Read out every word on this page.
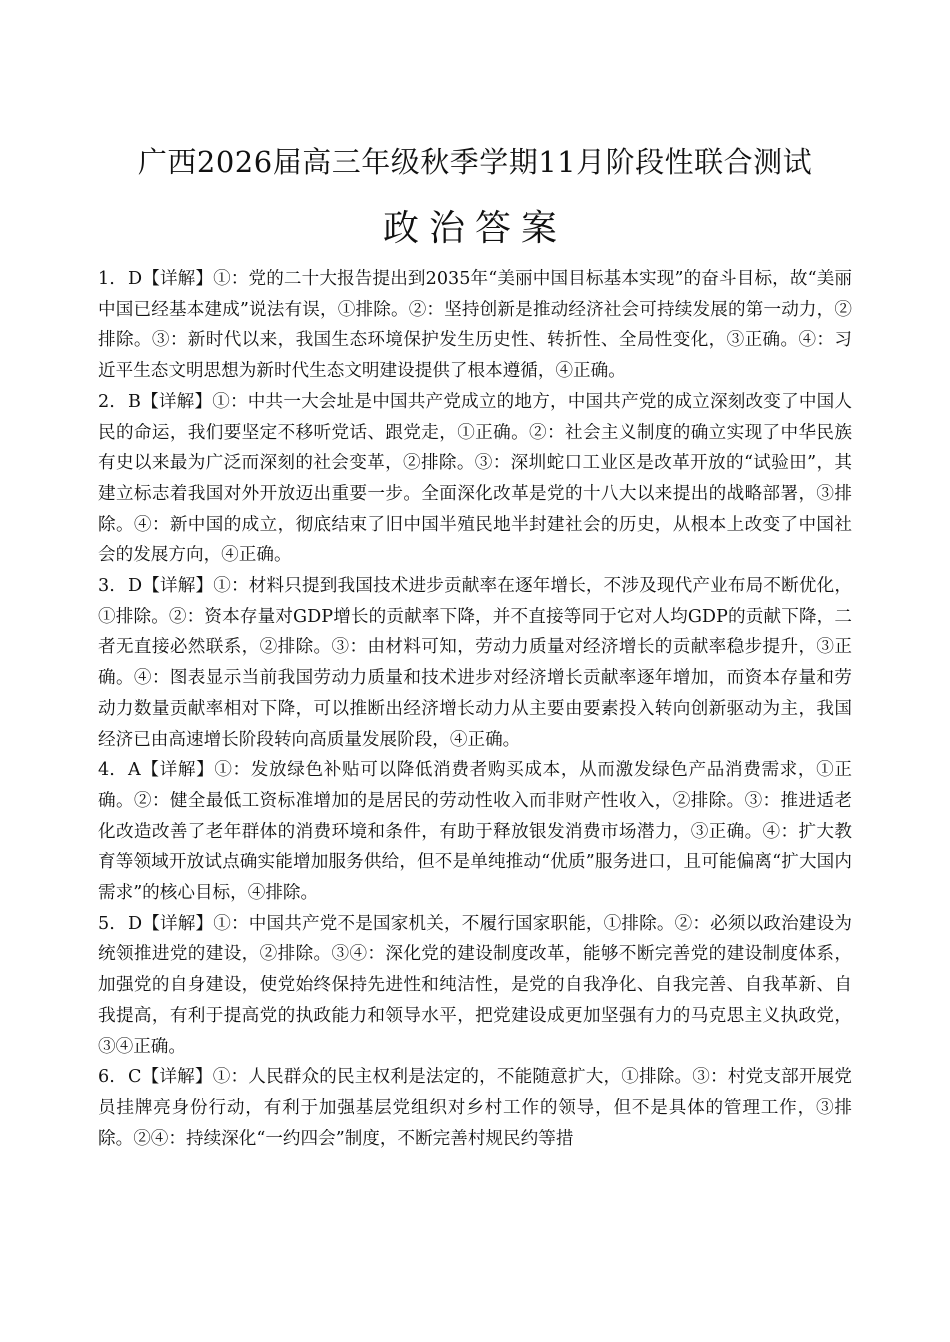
广西2026届高三年级秋季学期11月阶段性联合测试
政治答案

1. D【详解】①：党的二十大报告提出到2035年“美丽中国目标基本实现”的奋斗目标，故“美丽中国已经基本建成”说法有误，①排除。②：坚持创新是推动经济社会可持续发展的第一动力，②排除。③：新时代以来，我国生态环境保护发生历史性、转折性、全局性变化，③正确。④：习近平生态文明思想为新时代生态文明建设提供了根本遵循，④正确。

2. B【详解】①：中共一大会址是中国共产党成立的地方，中国共产党的成立深刻改变了中国人民的命运，我们要坚定不移听党话、跟党走，①正确。②：社会主义制度的确立实现了中华民族有史以来最为广泛而深刻的社会变革，②排除。③：深圳蛇口工业区是改革开放的“试验田”，其建立标志着我国对外开放迈出重要一步。全面深化改革是党的十八大以来提出的战略部署，③排除。④：新中国的成立，彻底结束了旧中国半殖民地半封建社会的历史，从根本上改变了中国社会的发展方向，④正确。

3. D【详解】①：材料只提到我国技术进步贡献率在逐年增长，不涉及现代产业布局不断优化，①排除。②：资本存量对GDP增长的贡献率下降，并不直接等同于它对人均GDP的贡献下降，二者无直接必然联系，②排除。③：由材料可知，劳动力质量对经济增长的贡献率稳步提升，③正确。④：图表显示当前我国劳动力质量和技术进步对经济增长贡献率逐年增加，而资本存量和劳动力数量贡献率相对下降，可以推断出经济增长动力从主要由要素投入转向创新驱动为主，我国经济已由高速增长阶段转向高质量发展阶段，④正确。

4. A【详解】①：发放绿色补贴可以降低消费者购买成本，从而激发绿色产品消费需求，①正确。②：健全最低工资标准增加的是居民的劳动性收入而非财产性收入，②排除。③：推进适老化改造改善了老年群体的消费环境和条件，有助于释放银发消费市场潜力，③正确。④：扩大教育等领域开放试点确实能增加服务供给，但不是单纯推动“优质”服务进口，且可能偏离“扩大国内需求”的核心目标，④排除。

5. D【详解】①：中国共产党不是国家机关，不履行国家职能，①排除。②：必须以政治建设为统领推进党的建设，②排除。③④：深化党的建设制度改革，能够不断完善党的建设制度体系，加强党的自身建设，使党始终保持先进性和纯洁性，是党的自我净化、自我完善、自我革新、自我提高，有利于提高党的执政能力和领导水平，把党建设成更加坚强有力的马克思主义执政党，③④正确。

6. C【详解】①：人民群众的民主权利是法定的，不能随意扩大，①排除。③：村党支部开展党员挂牌亮身份行动，有利于加强基层党组织对乡村工作的领导，但不是具体的管理工作，③排除。②④：持续深化“一约四会”制度，不断完善村规民约等措
